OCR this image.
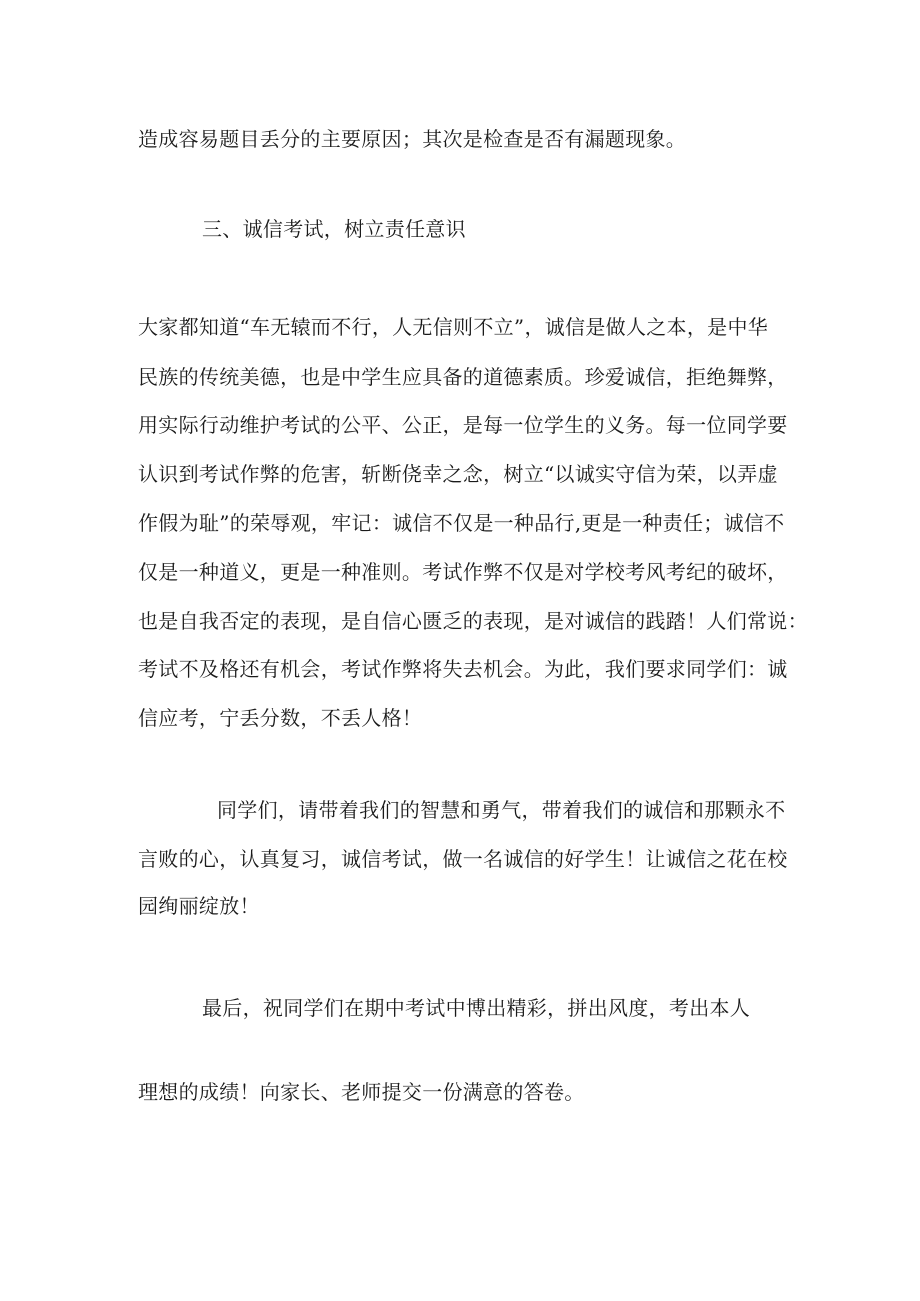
造成容易题目丢分的主要原因；其次是检查是否有漏题现象。
三、诚信考试，树立责任意识
大家都知道“车无辕而不行，人无信则不立”，诚信是做人之本，是中华
民族的传统美德，也是中学生应具备的道德素质。珍爱诚信，拒绝舞弊，
用实际行动维护考试的公平、公正，是每一位学生的义务。每一位同学要
认识到考试作弊的危害，斩断侥幸之念，树立“以诚实守信为荣，以弄虚
作假为耻”的荣辱观，牢记：诚信不仅是一种品行,更是一种责任；诚信不
仅是一种道义，更是一种准则。考试作弊不仅是对学校考风考纪的破坏，
也是自我否定的表现，是自信心匮乏的表现，是对诚信的践踏！人们常说：
考试不及格还有机会，考试作弊将失去机会。为此，我们要求同学们：诚
信应考，宁丢分数，不丢人格！
同学们，请带着我们的智慧和勇气，带着我们的诚信和那颗永不
言败的心，认真复习，诚信考试，做一名诚信的好学生！让诚信之花在校
园绚丽绽放！
最后，祝同学们在期中考试中博出精彩，拼出风度，考出本人
理想的成绩！向家长、老师提交一份满意的答卷。
